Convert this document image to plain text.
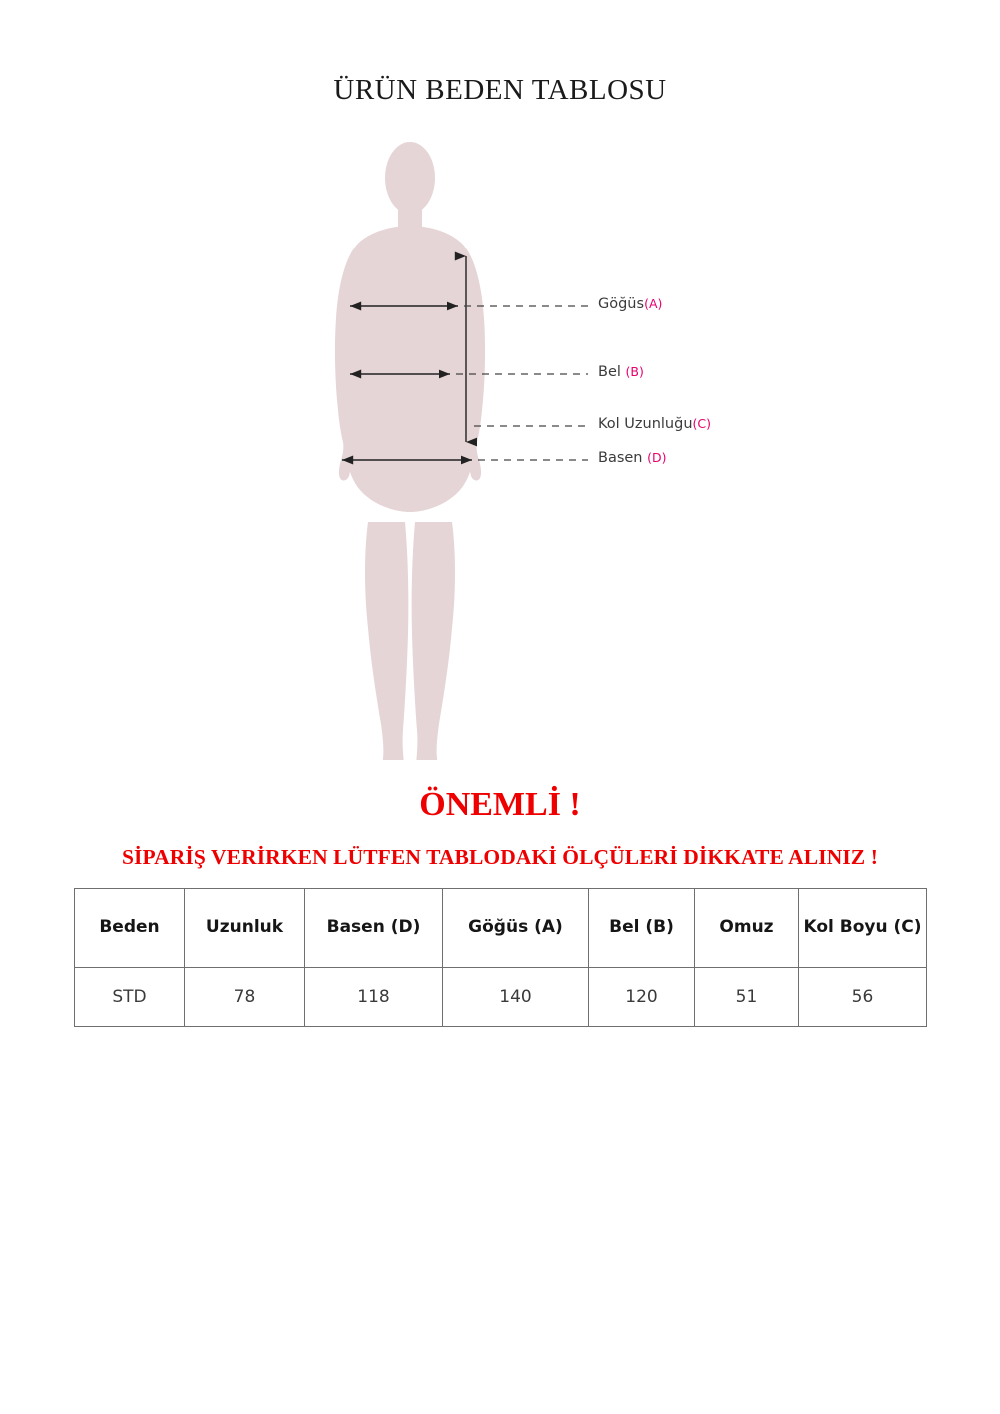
ÜRÜN BEDEN TABLOSU
Göğüs(A)
Bel (B)
Kol Uzunluğu(C)
Basen (D)
ÖNEMLİ !
SİPARİŞ VERİRKEN LÜTFEN TABLODAKİ ÖLÇÜLERİ DİKKATE ALINIZ !
Beden	Uzunluk	Basen (D)	Göğüs (A)	Bel (B)	Omuz	Kol Boyu (C)
STD	78	118	140	120	51	56
